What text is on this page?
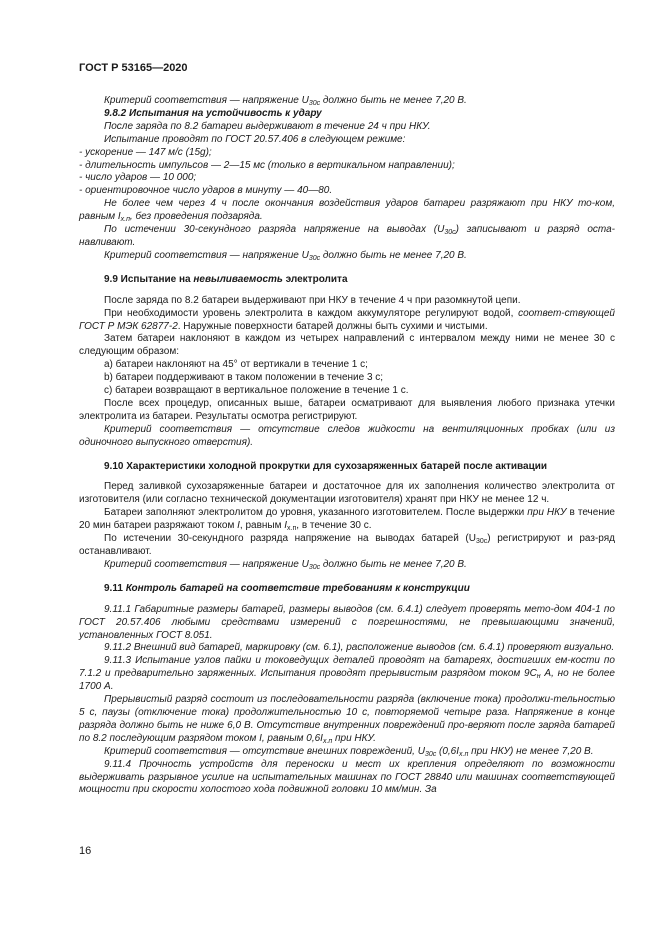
ГОСТ Р 53165—2020

Критерий соответствия — напряжение $U_{30c}$ должно быть не менее 7,20 В.

9.8.2 Испытания на устойчивость к удару

После заряда по 8.2 батареи выдерживают в течение 24 ч при НКУ.

Испытание проводят по ГОСТ 20.57.406 в следующем режиме:

- ускорение — 147 м/с (15g);

- длительность импульсов — 2—15 мс (только в вертикальном направлении);

- число ударов — 10 000;

- ориентировочное число ударов в минуту — 40—80.

Не более чем через 4 ч после окончания воздействия ударов батареи разряжают при НКУ то-ком, равным $I_{х.п}$, без проведения подзаряда.

По истечении 30-секундного разряда напряжение на выводах $(U_{30c})$ записывают и разряд оста-навливают.

Критерий соответствия — напряжение $U_{30c}$ должно быть не менее 7,20 В.

9.9 Испытание на невыливаемость электролита

После заряда по 8.2 батареи выдерживают при НКУ в течение 4 ч при разомкнутой цепи.

При необходимости уровень электролита в каждом аккумуляторе регулируют водой, соответ-ствующей ГОСТ Р МЭК 62877-2. Наружные поверхности батарей должны быть сухими и чистыми.

Затем батареи наклоняют в каждом из четырех направлений с интервалом между ними не менее 30 с следующим образом:

а) батареи наклоняют на 45° от вертикали в течение 1 с;

b) батареи поддерживают в таком положении в течение 3 с;

с) батареи возвращают в вертикальное положение в течение 1 с.

После всех процедур, описанных выше, батареи осматривают для выявления любого признака утечки электролита из батареи. Результаты осмотра регистрируют.

Критерий соответствия — отсутствие следов жидкости на вентиляционных пробках (или из одиночного выпускного отверстия).

9.10 Характеристики холодной прокрутки для сухозаряженных батарей после активации

Перед заливкой сухозаряженные батареи и достаточное для их заполнения количество электролита от изготовителя (или согласно технической документации изготовителя) хранят при НКУ не менее 12 ч.

Батареи заполняют электролитом до уровня, указанного изготовителем. После выдержки при НКУ в течение 20 мин батареи разряжают током I, равным $I_{х.п}$, в течение 30 с.

По истечении 30-секундного разряда напряжение на выводах батарей $(U_{30c})$ регистрируют и раз-ряд останавливают.

Критерий соответствия — напряжение $U_{30c}$ должно быть не менее 7,20 В.

9.11 Контроль батарей на соответствие требованиям к конструкции

9.11.1 Габаритные размеры батарей, размеры выводов (см. 6.4.1) следует проверять мето-дом 404-1 по ГОСТ 20.57.406 любыми средствами измерений с погрешностями, не превышающими значений, установленных ГОСТ 8.051.

9.11.2 Внешний вид батарей, маркировку (см. 6.1), расположение выводов (см. 6.4.1) проверяют визуально.

9.11.3 Испытание узлов пайки и токоведущих деталей проводят на батареях, достигших ем-кости по 7.1.2 и предварительно заряженных. Испытания проводят прерывистым разрядом током $9С_н$ А, но не более 1700 А.

Прерывистый разряд состоит из последовательности разряда (включение тока) продолжи-тельностью 5 с, паузы (отключение тока) продолжительностью 10 с, повторяемой четыре раза. Напряжение в конце разряда должно быть не ниже 6,0 В. Отсутствие внутренних повреждений про-веряют после заряда батарей по 8.2 последующим разрядом током I, равным $0,6I_{х.п}$ при НКУ.

Критерий соответствия — отсутствие внешних повреждений, $U_{30c}$ ($0,6I_{х.п}$ при НКУ) не менее 7,20 В.

9.11.4 Прочность устройств для переноски и мест их крепления определяют по возможности выдерживать разрывное усилие на испытательных машинах по ГОСТ 28840 или машинах соответствующей мощности при скорости холостого хода подвижной головки 10 мм/мин. За

16
